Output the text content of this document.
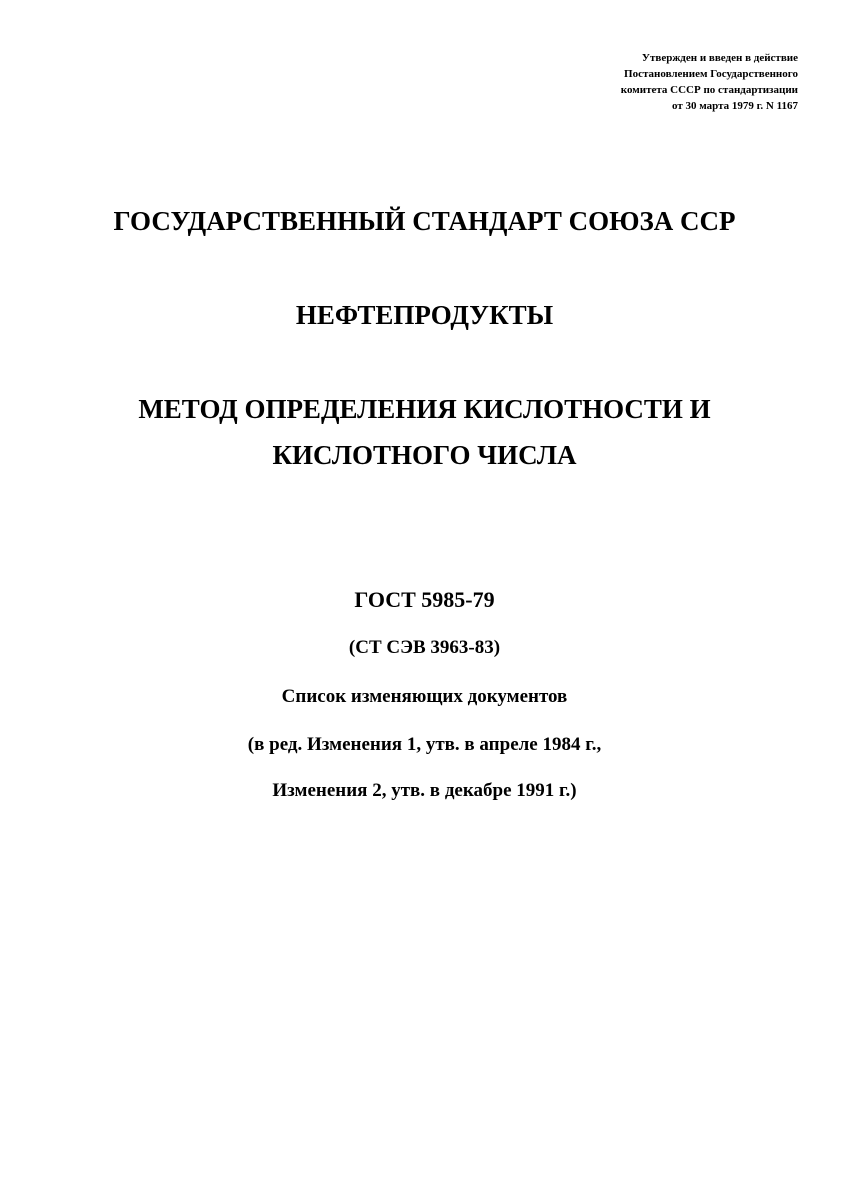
Утвержден и введен в действие
Постановлением Государственного
комитета СССР по стандартизации
от 30 марта 1979 г. N 1167
ГОСУДАРСТВЕННЫЙ СТАНДАРТ СОЮЗА ССР
НЕФТЕПРОДУКТЫ
МЕТОД ОПРЕДЕЛЕНИЯ КИСЛОТНОСТИ И
КИСЛОТНОГО ЧИСЛА
ГОСТ 5985-79
(СТ СЭВ 3963-83)
Список изменяющих документов
(в ред. Изменения 1, утв. в апреле 1984 г.,
Изменения 2, утв. в декабре 1991 г.)
